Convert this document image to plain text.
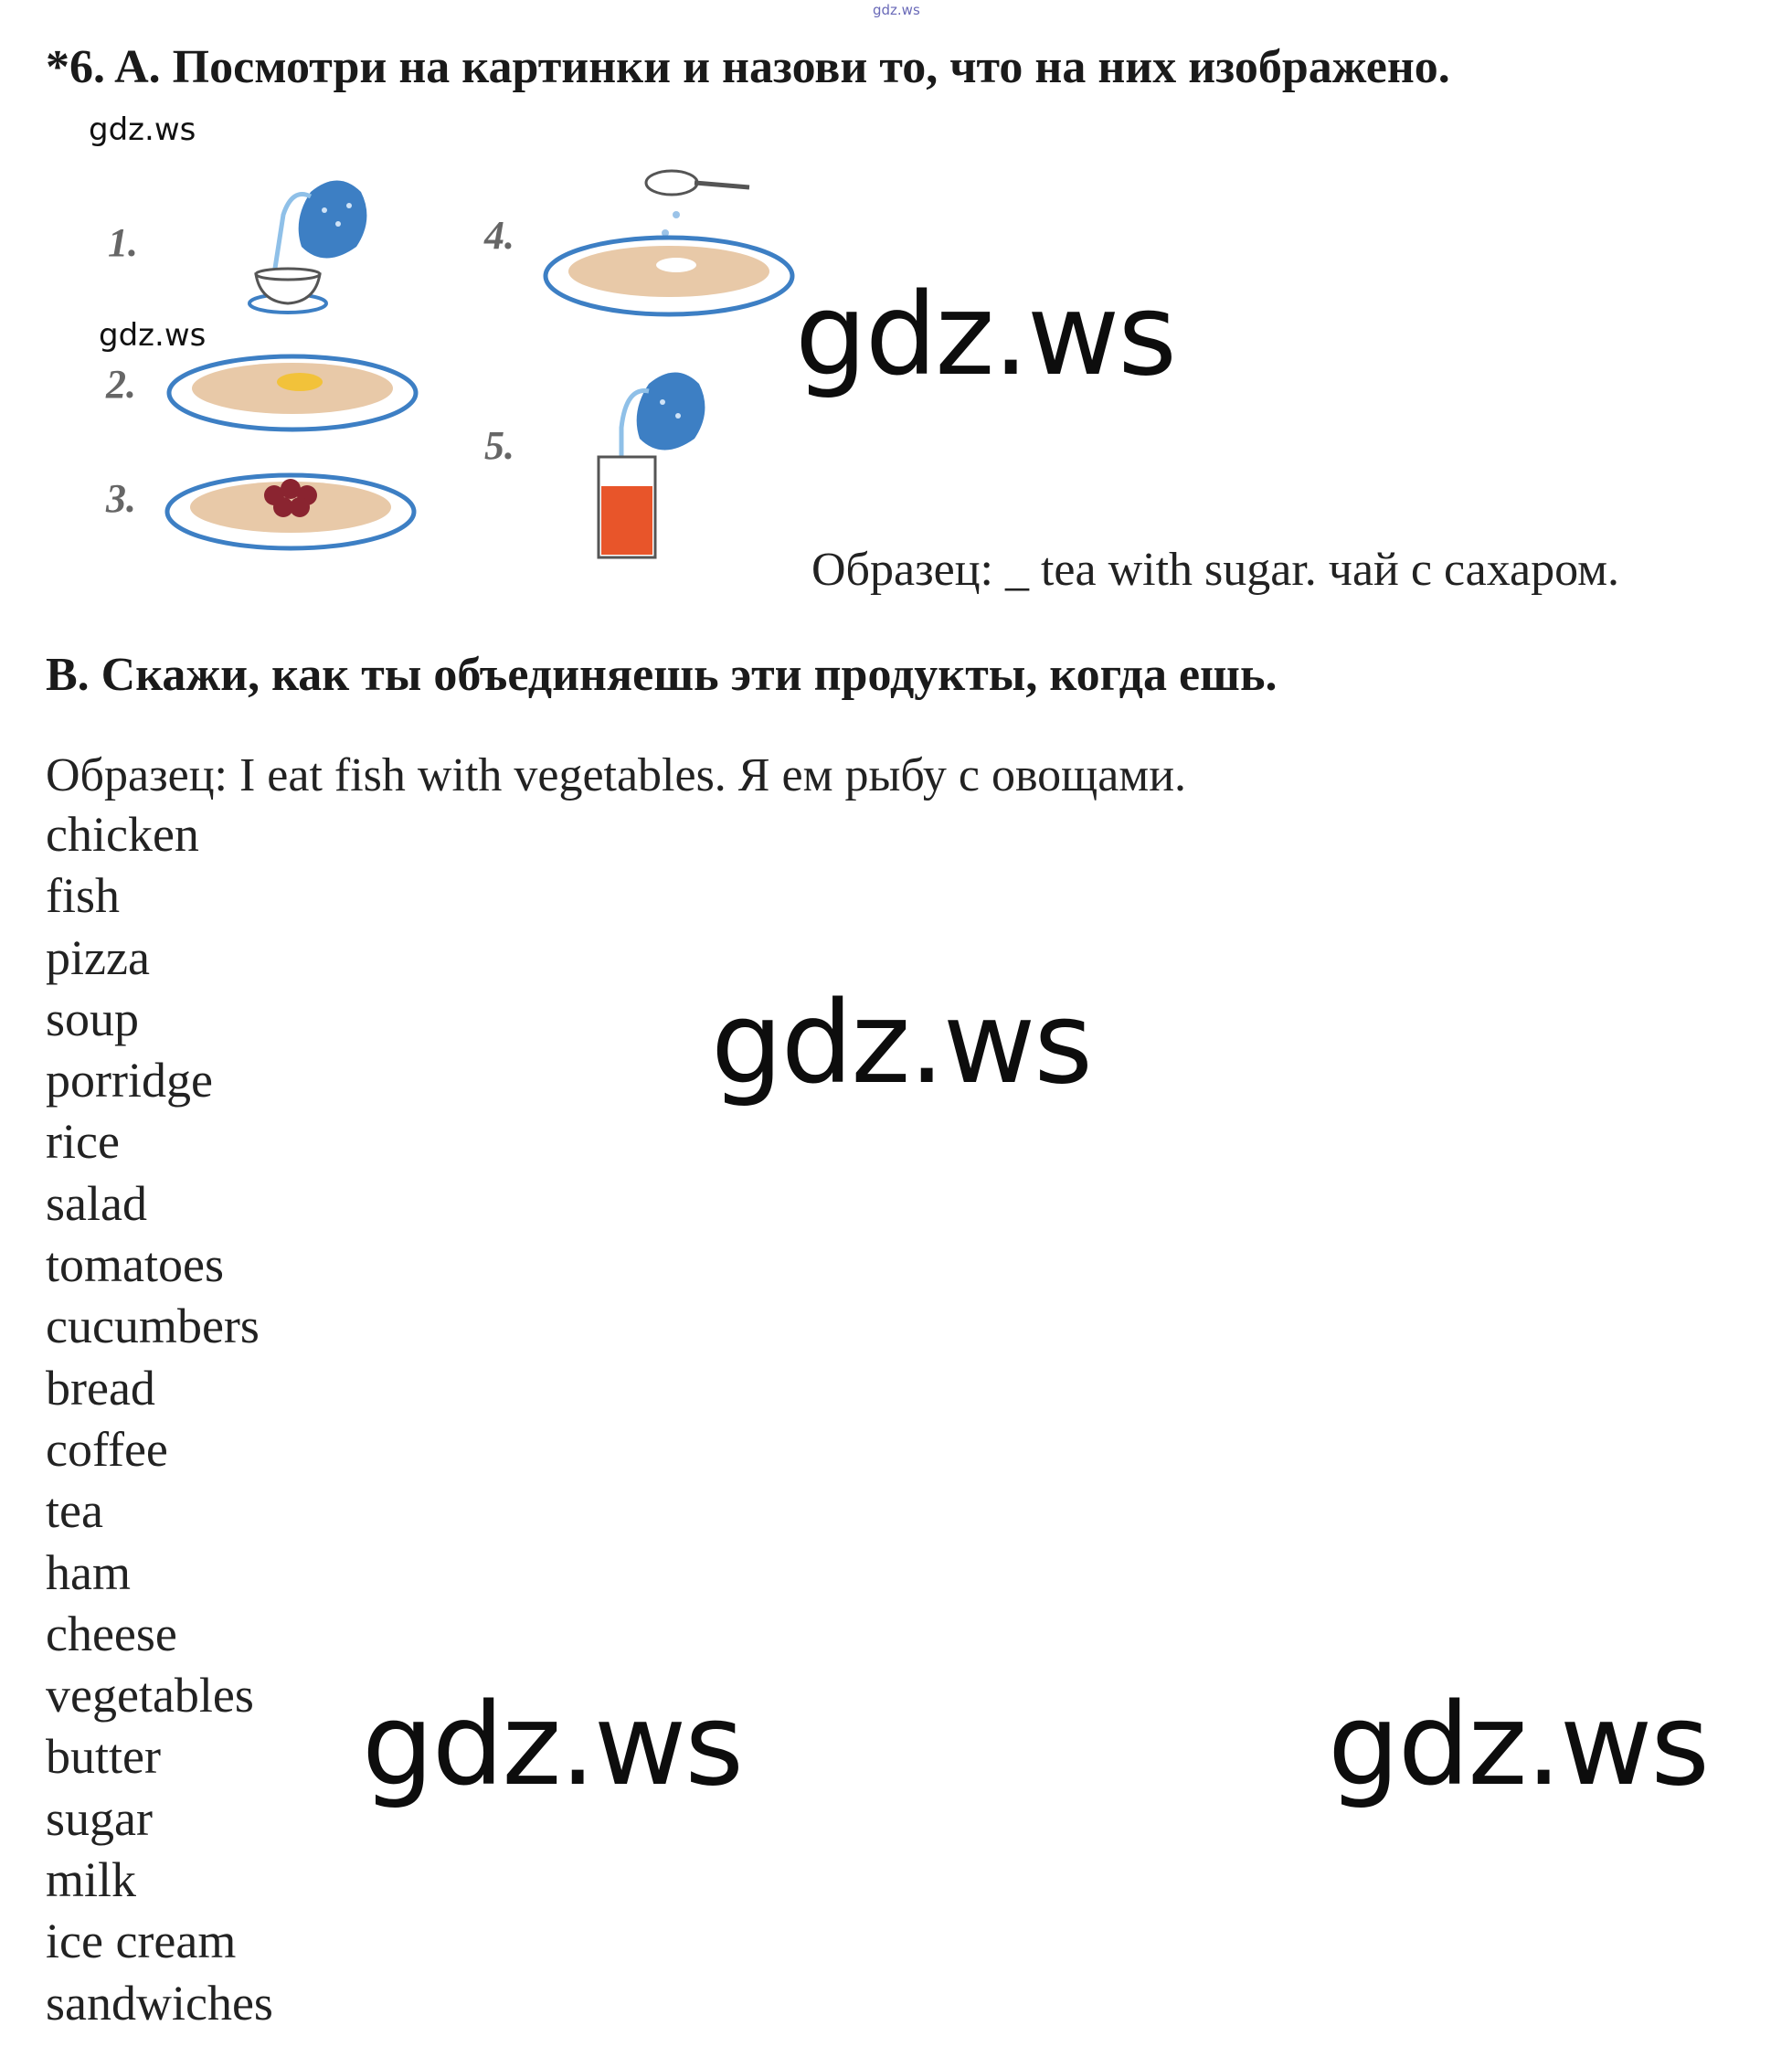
gdz.ws
*6. A. Посмотри на картинки и назови то, что на них изображено.
gdz.ws
1.
2.
3.
4.
5.
gdz.ws	gdz.ws
Образец: _ tea with sugar. чай с сахаром.
B. Скажи, как ты объединяешь эти продукты, когда ешь.
Образец: I eat fish with vegetables. Я ем рыбу с овощами.
chicken
fish
pizza
soup
porridge
rice
salad
tomatoes
cucumbers
bread
coffee
tea
ham
cheese
vegetables
butter
sugar
milk
ice cream
sandwiches
gdz.ws
gdz.ws	gdz.ws
